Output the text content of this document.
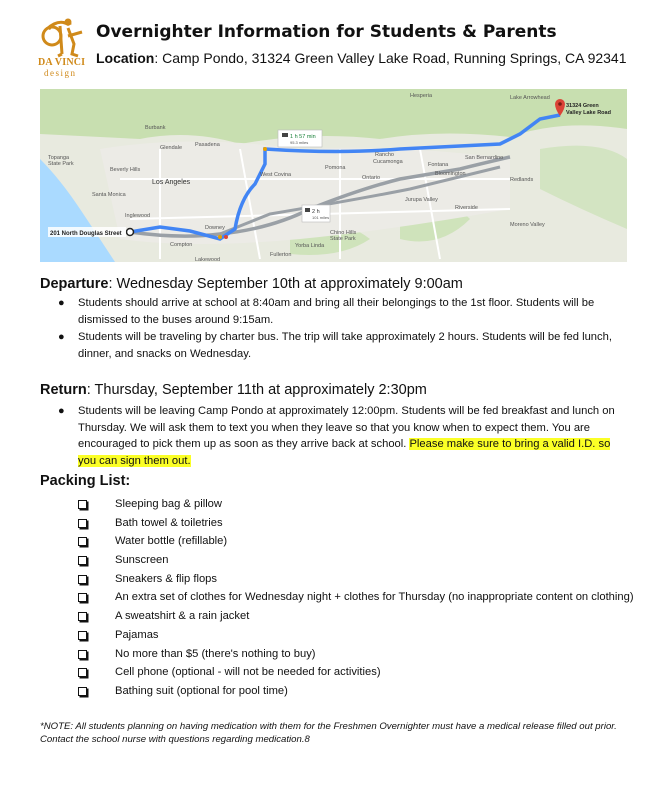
DA VINCI
design
Overnighter Information for Students & Parents
Location: Camp Pondo, 31324 Green Valley Lake Road, Running Springs, CA 92341
Burbank
Glendale Pasadena
Los Angeles
Santa Monica
Inglewood
Compton
Downey
West Covina
Pomona
Ontario
Rancho
Cucamonga	Fontana
San Bernardino
Redlands
Riverside
Moreno Valley
Chino Hills
State Park
Yorba Linda
Fullerton
Lakewood
Hesperia	Lake Arrowhead
Topanga
State Park
Beverly Hills
Jurupa Valley
Bloomington
201 North Douglas Street
31324 Green
Valley Lake Road
1 h 57 min
95.3 miles
2 h
101 miles
Departure: Wednesday September 10th at approximately 9:00am
● Students should arrive at school at 8:40am and bring all their belongings to the 1st floor. Students will be dismissed to the buses around 9:15am.
● Students will be traveling by charter bus. The trip will take approximately 2 hours. Students will be fed lunch, dinner, and snacks on Wednesday.
Return: Thursday, September 11th at approximately 2:30pm
● Students will be leaving Camp Pondo at approximately 12:00pm. Students will be fed breakfast and lunch on Thursday. We will ask them to text you when they leave so that you know when to expect them. You are encouraged to pick them up as soon as they arrive back at school. Please make sure to bring a valid I.D. so you can sign them out.
Packing List:
Sleeping bag & pillow
Bath towel & toiletries
Water bottle (refillable)
Sunscreen
Sneakers & flip flops
An extra set of clothes for Wednesday night + clothes for Thursday (no inappropriate content on clothing)
A sweatshirt & a rain jacket
Pajamas
No more than $5 (there's nothing to buy)
Cell phone (optional - will not be needed for activities)
Bathing suit (optional for pool time)
*NOTE: All students planning on having medication with them for the Freshmen Overnighter must have a medical release filled out prior. Contact the school nurse with questions regarding medication.8
